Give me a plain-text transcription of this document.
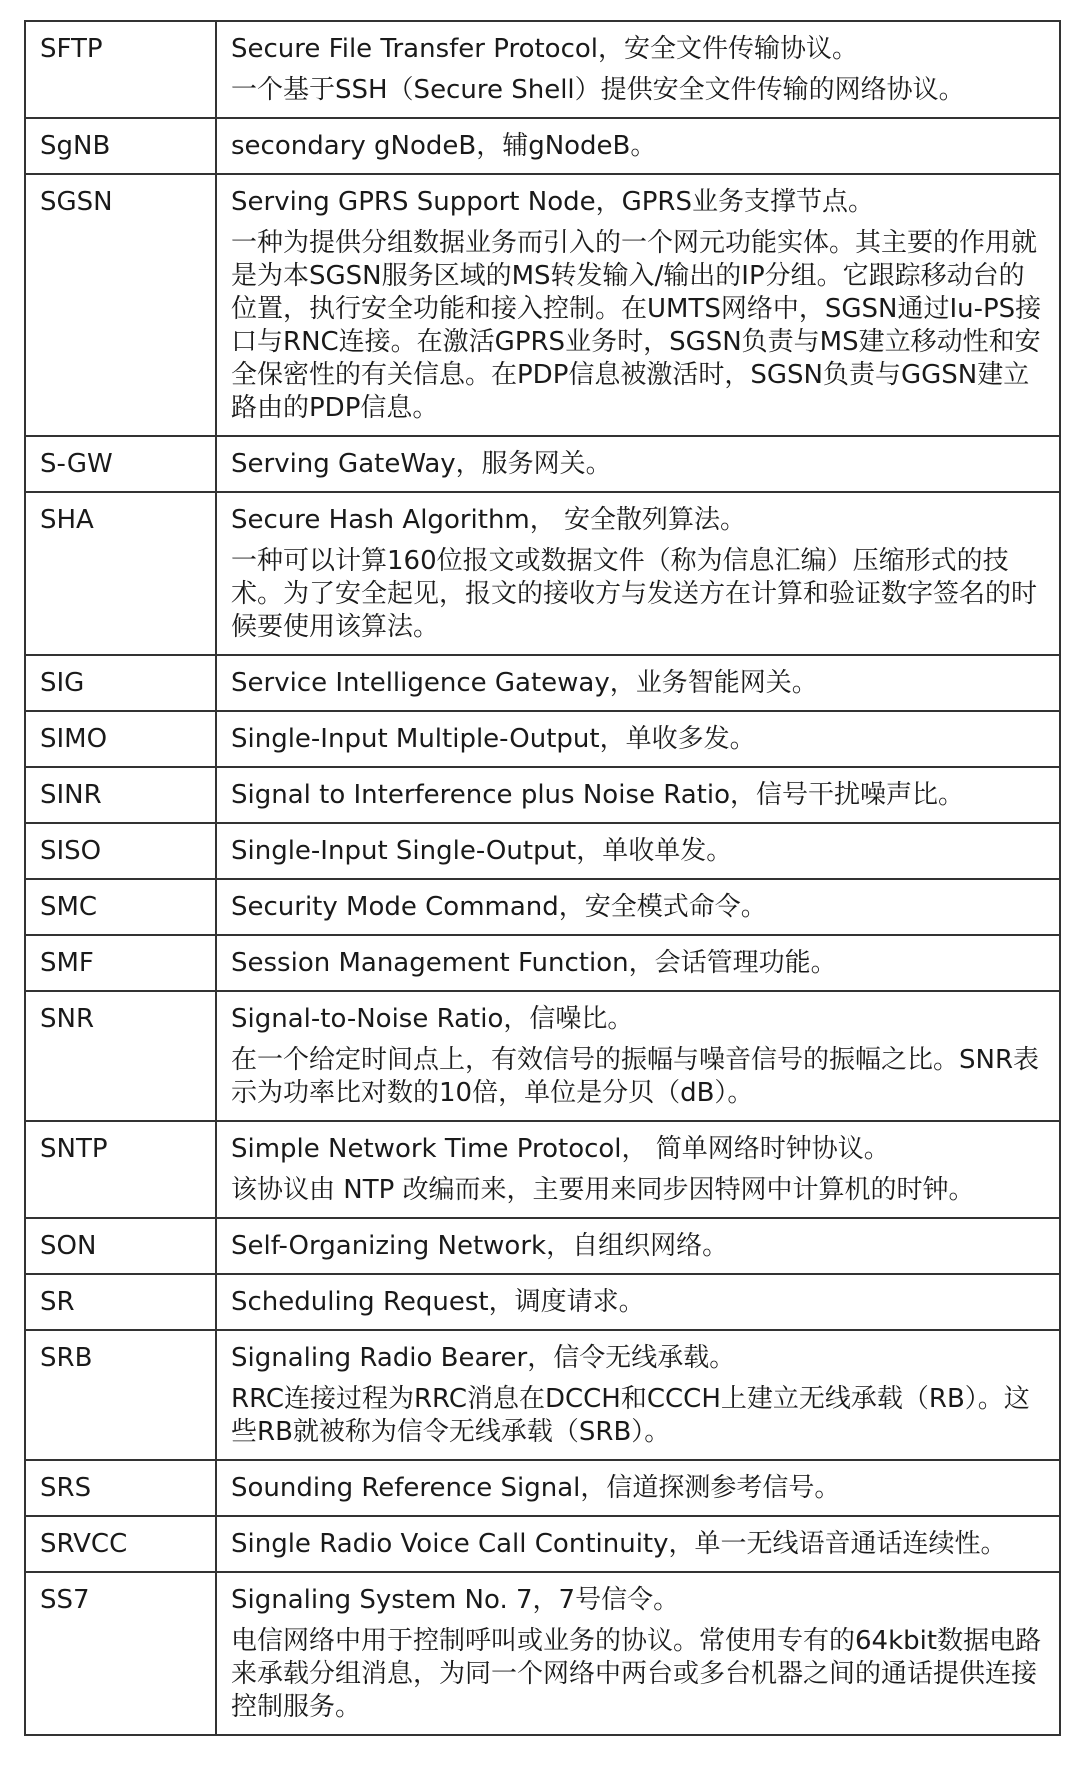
SFTP	Secure File Transfer Protocol，安全文件传输协议。
一个基于SSH（Secure Shell）提供安全文件传输的网络协议。

SgNB	secondary gNodeB，辅gNodeB。

SGSN	Serving GPRS Support Node，GPRS业务支撑节点。
一种为提供分组数据业务而引入的一个网元功能实体。其主要的作用就是为本SGSN服务区域的MS转发输入/输出的IP分组。它跟踪移动台的位置，执行安全功能和接入控制。在UMTS网络中，SGSN通过Iu-PS接口与RNC连接。在激活GPRS业务时，SGSN负责与MS建立移动性和安全保密性的有关信息。在PDP信息被激活时，SGSN负责与GGSN建立路由的PDP信息。

S-GW	Serving GateWay，服务网关。

SHA	Secure Hash Algorithm， 安全散列算法。
一种可以计算160位报文或数据文件（称为信息汇编）压缩形式的技术。为了安全起见，报文的接收方与发送方在计算和验证数字签名的时候要使用该算法。

SIG	Service Intelligence Gateway，业务智能网关。

SIMO	Single-Input Multiple-Output，单收多发。

SINR	Signal to Interference plus Noise Ratio，信号干扰噪声比。

SISO	Single-Input Single-Output，单收单发。

SMC	Security Mode Command，安全模式命令。

SMF	Session Management Function，会话管理功能。

SNR	Signal-to-Noise Ratio，信噪比。
在一个给定时间点上，有效信号的振幅与噪音信号的振幅之比。SNR表示为功率比对数的10倍，单位是分贝（dB）。

SNTP	Simple Network Time Protocol， 简单网络时钟协议。
该协议由 NTP 改编而来，主要用来同步因特网中计算机的时钟。

SON	Self-Organizing Network，自组织网络。

SR	Scheduling Request，调度请求。

SRB	Signaling Radio Bearer，信令无线承载。
RRC连接过程为RRC消息在DCCH和CCCH上建立无线承载（RB）。这些RB就被称为信令无线承载（SRB）。

SRS	Sounding Reference Signal，信道探测参考信号。

SRVCC	Single Radio Voice Call Continuity，单一无线语音通话连续性。

SS7	Signaling System No. 7，7号信令。
电信网络中用于控制呼叫或业务的协议。常使用专有的64kbit数据电路来承载分组消息，为同一个网络中两台或多台机器之间的通话提供连接控制服务。
